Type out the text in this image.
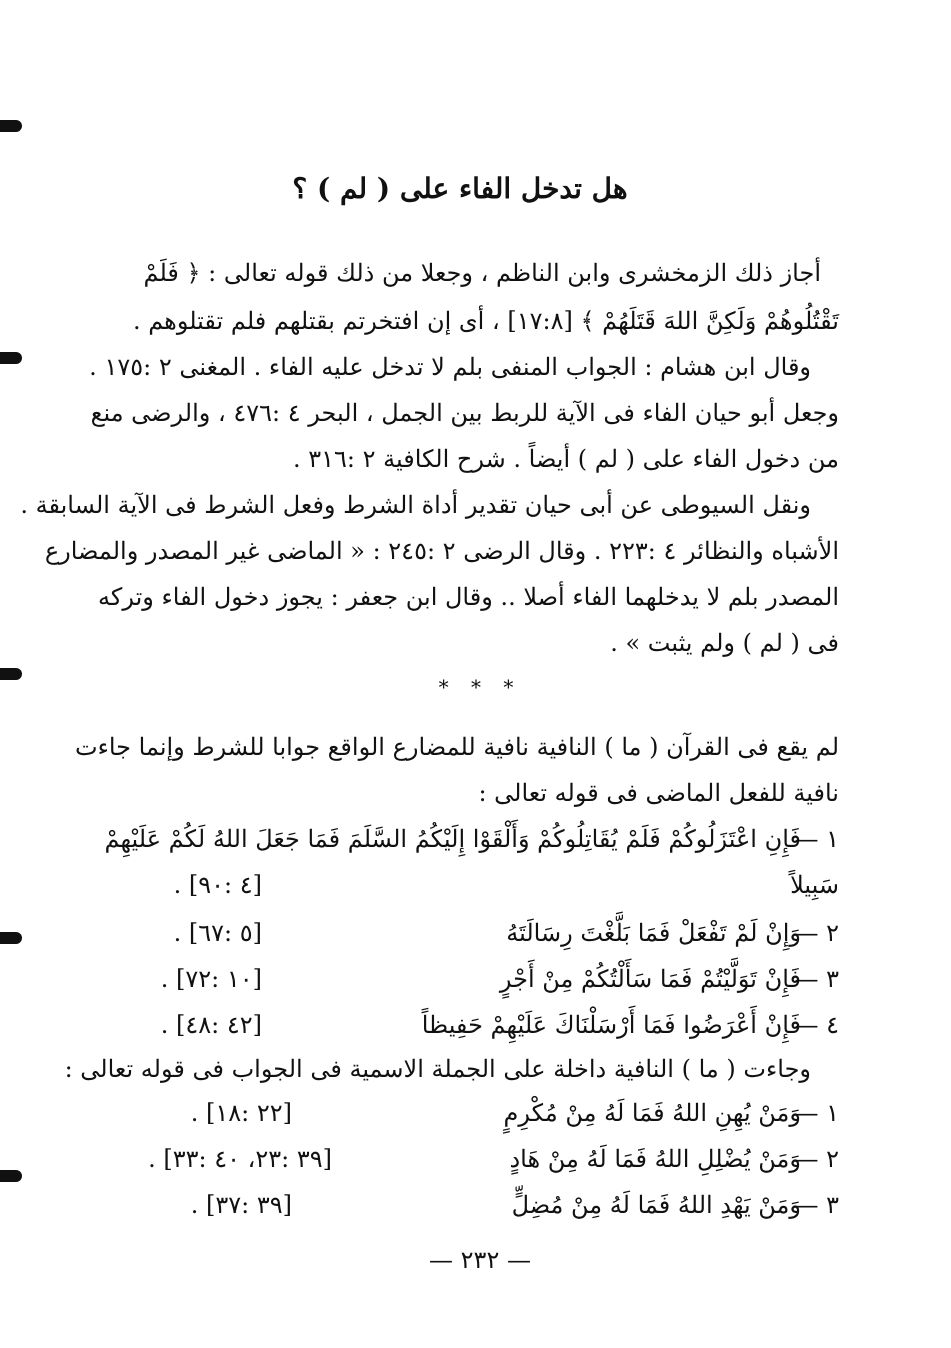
هل تدخل الفاء على ( لم ) ؟
أجاز ذلك الزمخشرى وابن الناظم ، وجعلا من ذلك قوله تعالى : ﴿ فَلَمْ
تَقْتُلُوهُمْ وَلَكِنَّ اللهَ قَتَلَهُمْ ﴾ [١٧:٨] ، أى إن افتخرتم بقتلهم فلم تقتلوهم .
وقال ابن هشام : الجواب المنفى بلم لا تدخل عليه الفاء . المغنى ٢ :١٧٥ .
وجعل أبو حيان الفاء فى الآية للربط بين الجمل ، البحر ٤ :٤٧٦ ، والرضى منع
من دخول الفاء على ( لم ) أيضاً . شرح الكافية ٢ :٣١٦ .
ونقل السيوطى عن أبى حيان تقدير أداة الشرط وفعل الشرط فى الآية السابقة .
الأشباه والنظائر ٤ :٢٢٣ . وقال الرضى ٢ :٢٤٥ : « الماضى غير المصدر والمضارع
المصدر بلم لا يدخلهما الفاء أصلا .. وقال ابن جعفر : يجوز دخول الفاء وتركه
فى ( لم ) ولم يثبت » .
* * *
لم يقع فى القرآن ( ما ) النافية نافية للمضارع الواقع جوابا للشرط وإنما جاءت
نافية للفعل الماضى فى قوله تعالى :
١ —
فَإِنِ اعْتَزَلُوكُمْ فَلَمْ يُقَاتِلُوكُمْ وَأَلْقَوْا إِلَيْكُمُ السَّلَمَ فَمَا جَعَلَ اللهُ لَكُمْ عَلَيْهِمْ
سَبِيلاً
[٤ :٩٠] .
٢ —
وَإِنْ لَمْ تَفْعَلْ فَمَا بَلَّغْتَ رِسَالَتَهُ
[٥ :٦٧] .
٣ —
فَإِنْ تَوَلَّيْتُمْ فَمَا سَأَلْتُكُمْ مِنْ أَجْرٍ
[١٠ :٧٢] .
٤ —
فَإِنْ أَعْرَضُوا فَمَا أَرْسَلْنَاكَ عَلَيْهِمْ حَفِيظاً
[٤٢ :٤٨] .
وجاءت ( ما ) النافية داخلة على الجملة الاسمية فى الجواب فى قوله تعالى :
١ —
وَمَنْ يُهِنِ اللهُ فَمَا لَهُ مِنْ مُكْرِمٍ
[٢٢ :١٨] .
٢ —
وَمَنْ يُضْلِلِ اللهُ فَمَا لَهُ مِنْ هَادٍ
[٣٩ :٢٣، ٤٠ :٣٣] .
٣ —
وَمَنْ يَهْدِ اللهُ فَمَا لَهُ مِنْ مُضِلٍّ
[٣٩ :٣٧] .
— ٢٣٢ —
